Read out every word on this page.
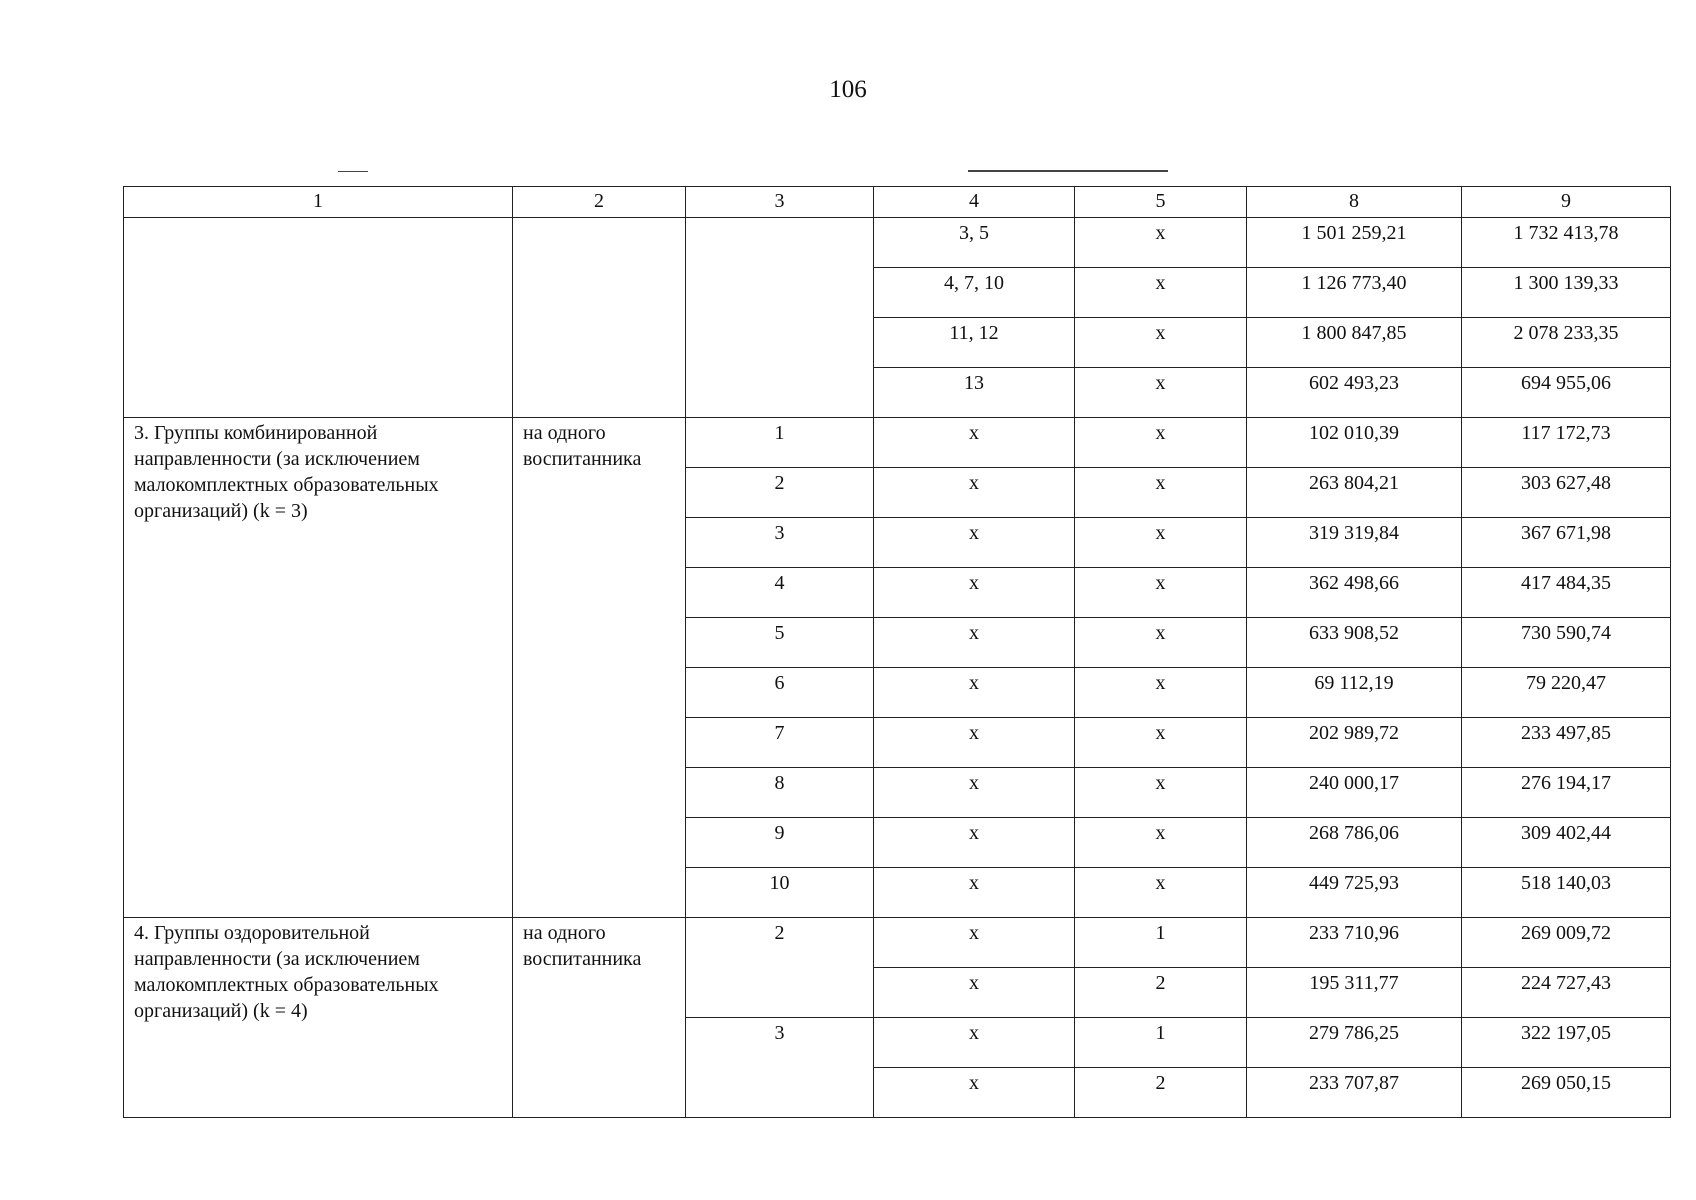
106
1	2	3	4	5	8	9
			3, 5	х	1 501 259,21	1 732 413,78
			4, 7, 10	х	1 126 773,40	1 300 139,33
			11, 12	х	1 800 847,85	2 078 233,35
			13	х	602 493,23	694 955,06
3. Группы комбинированной направленности (за исключением малокомплектных образовательных организаций) (k = 3)	на одного воспитанника	1	х	х	102 010,39	117 172,73
		2	х	х	263 804,21	303 627,48
		3	х	х	319 319,84	367 671,98
		4	х	х	362 498,66	417 484,35
		5	х	х	633 908,52	730 590,74
		6	х	х	69 112,19	79 220,47
		7	х	х	202 989,72	233 497,85
		8	х	х	240 000,17	276 194,17
		9	х	х	268 786,06	309 402,44
		10	х	х	449 725,93	518 140,03
4. Группы оздоровительной направленности (за исключением малокомплектных образовательных организаций) (k = 4)	на одного воспитанника	2	х	1	233 710,96	269 009,72
			х	2	195 311,77	224 727,43
		3	х	1	279 786,25	322 197,05
			х	2	233 707,87	269 050,15
